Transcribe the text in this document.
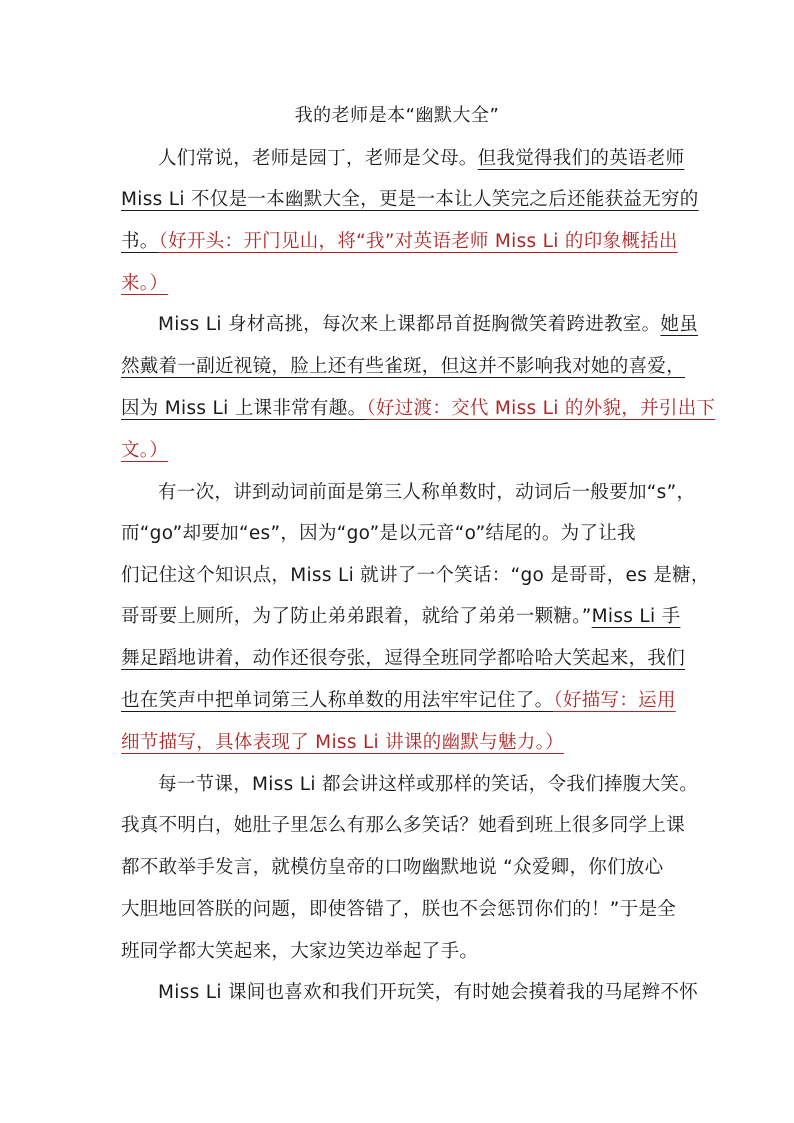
我的老师是本“幽默大全”
人们常说，老师是园丁，老师是父母。但我觉得我们的英语老师
Miss Li 不仅是一本幽默大全，更是一本让人笑完之后还能获益无穷的
书。（好开头：开门见山，将“我”对英语老师 Miss Li 的印象概括出
来。）
Miss Li 身材高挑，每次来上课都昂首挺胸微笑着跨进教室。她虽
然戴着一副近视镜，脸上还有些雀斑，但这并不影响我对她的喜爱，
因为 Miss Li 上课非常有趣。（好过渡：交代 Miss Li 的外貌，并引出下
文。）
有一次，讲到动词前面是第三人称单数时，动词后一般要加“s”，
而“go”却要加“es”，因为“go”是以元音“o”结尾的。为了让我
们记住这个知识点，Miss Li 就讲了一个笑话：“go 是哥哥，es 是糖，
哥哥要上厕所，为了防止弟弟跟着，就给了弟弟一颗糖。”Miss Li 手
舞足蹈地讲着，动作还很夸张，逗得全班同学都哈哈大笑起来，我们
也在笑声中把单词第三人称单数的用法牢牢记住了。（好描写：运用
细节描写，具体表现了 Miss Li 讲课的幽默与魅力。）
每一节课，Miss Li 都会讲这样或那样的笑话，令我们捧腹大笑。
我真不明白，她肚子里怎么有那么多笑话？她看到班上很多同学上课
都不敢举手发言，就模仿皇帝的口吻幽默地说 “众爱卿，你们放心
大胆地回答朕的问题，即使答错了，朕也不会惩罚你们的！”于是全
班同学都大笑起来，大家边笑边举起了手。
Miss Li 课间也喜欢和我们开玩笑，有时她会摸着我的马尾辫不怀
